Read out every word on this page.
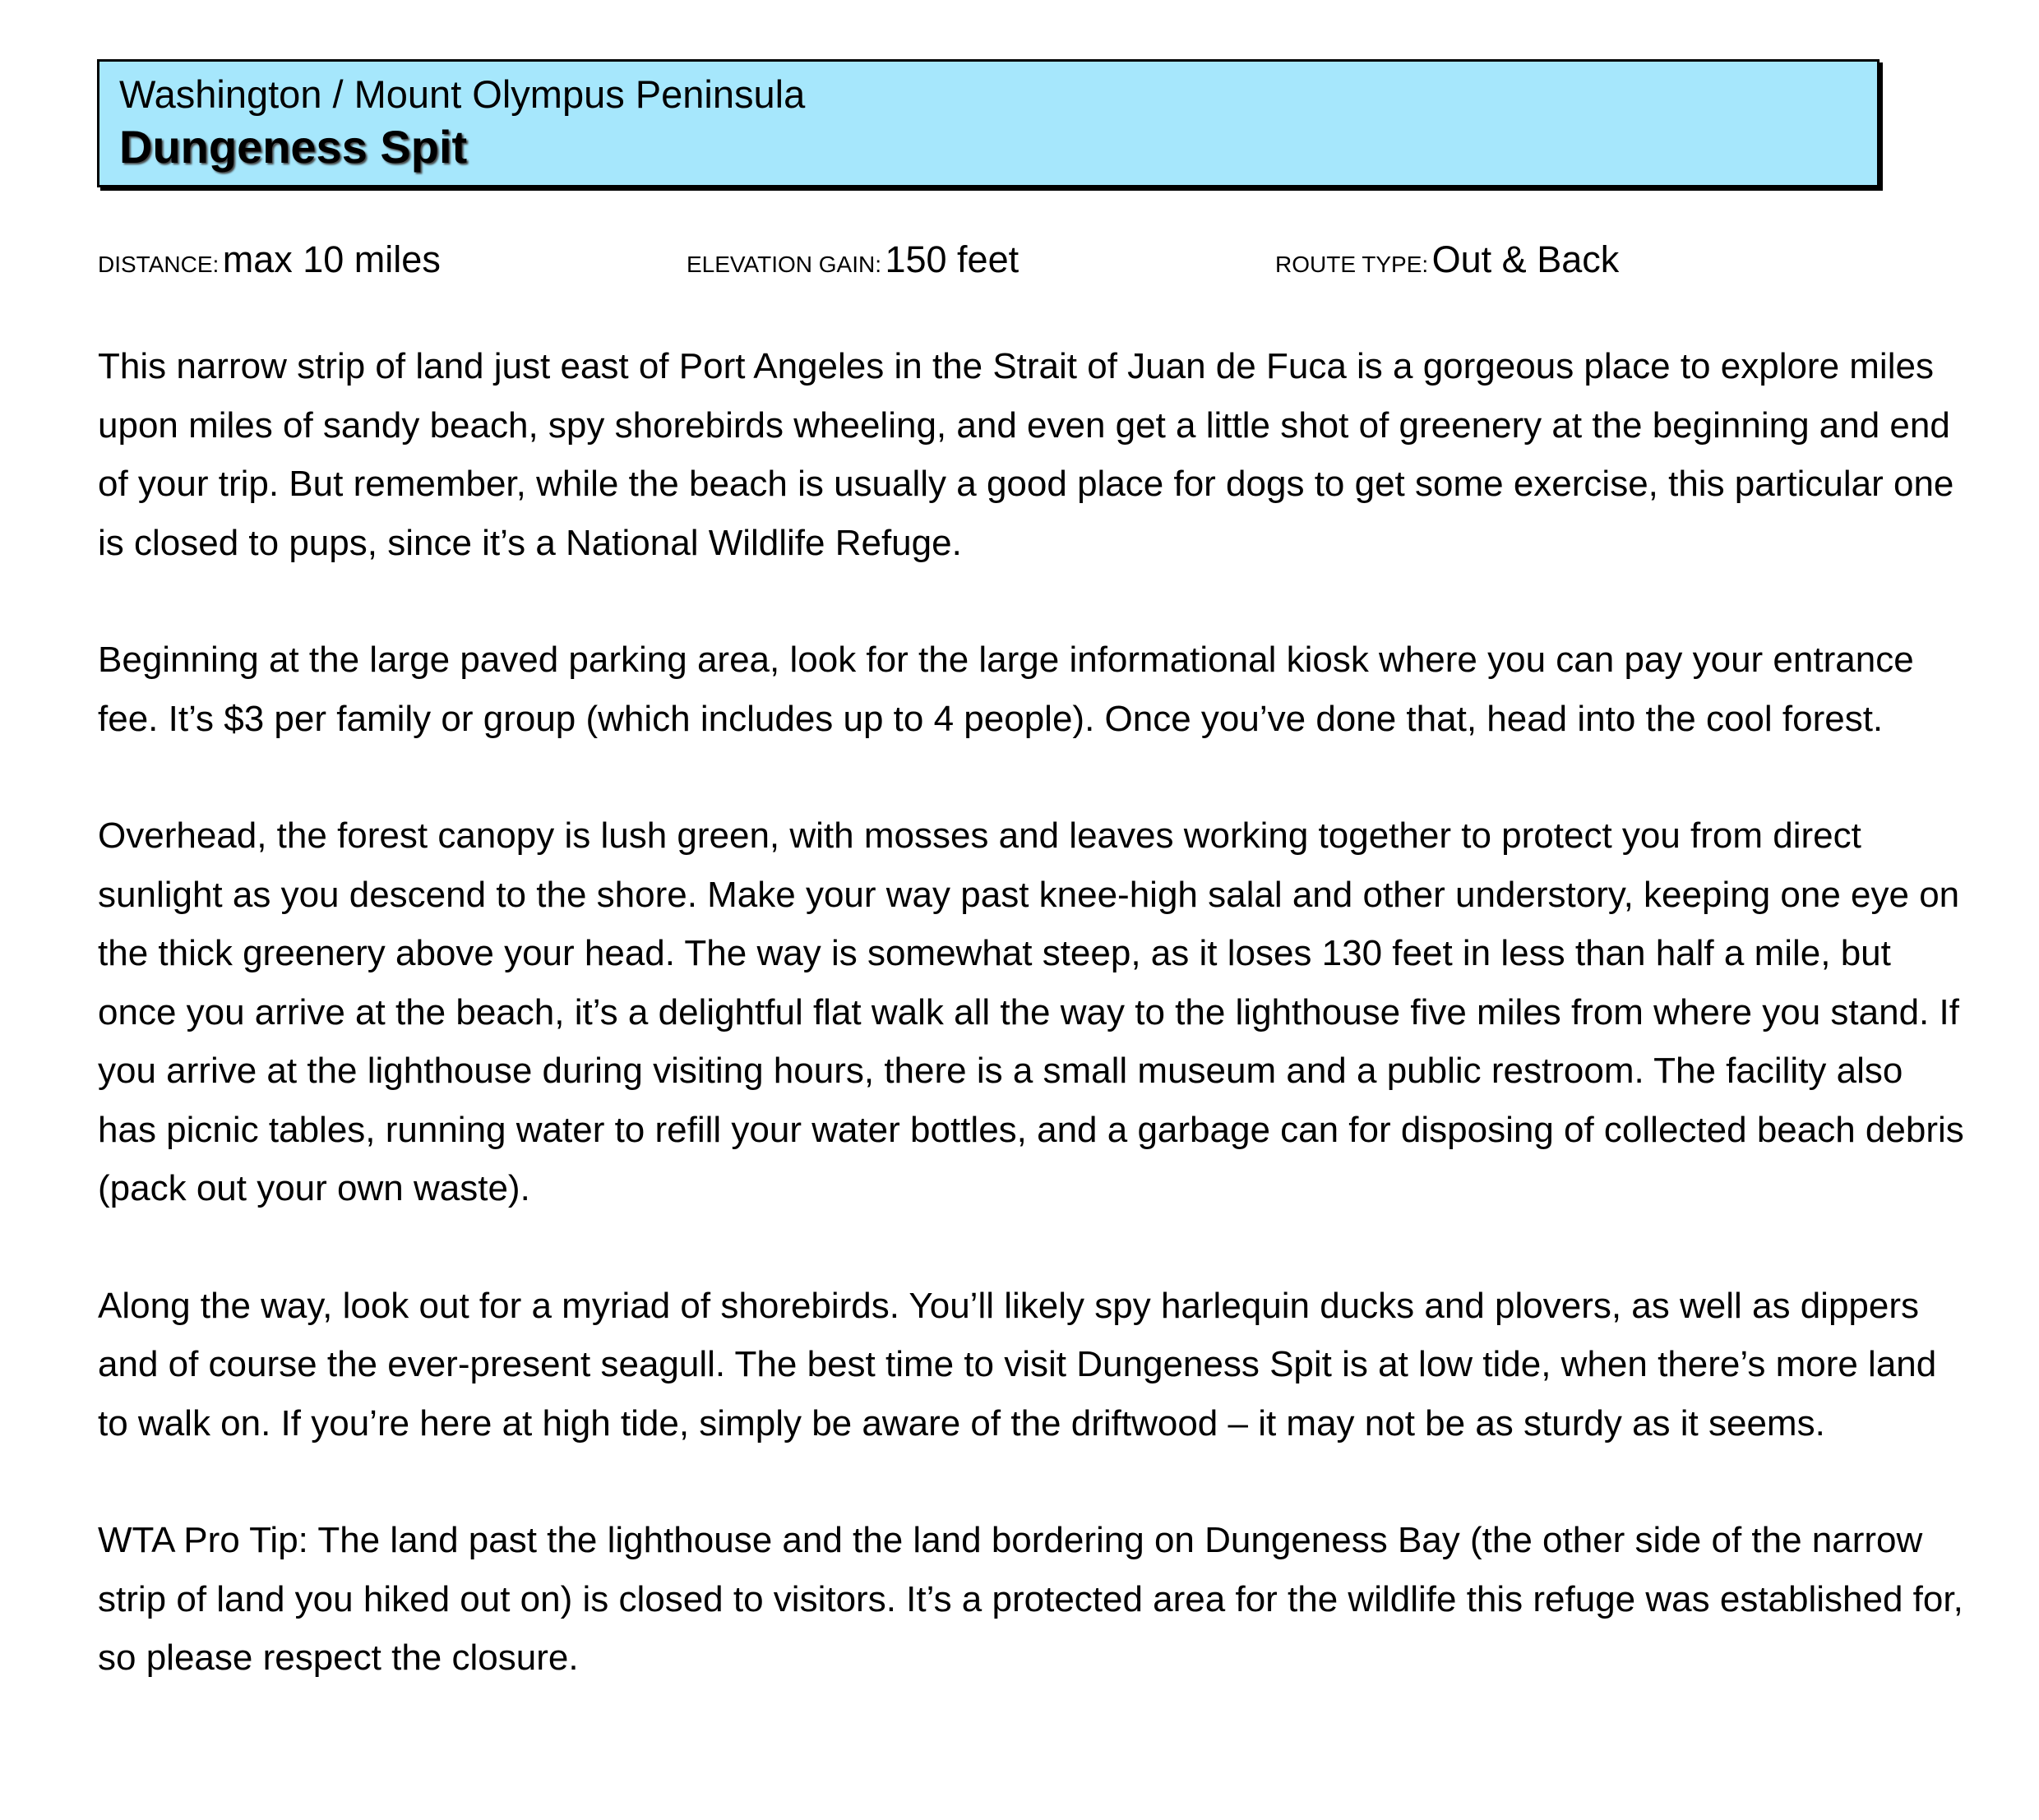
Washington / Mount Olympus Peninsula
Dungeness Spit
DISTANCE: max 10 miles	ELEVATION GAIN: 150 feet	ROUTE TYPE: Out & Back

This narrow strip of land just east of Port Angeles in the Strait of Juan de Fuca is a gorgeous place to explore miles upon miles of sandy beach, spy shorebirds wheeling, and even get a little shot of greenery at the beginning and end of your trip. But remember, while the beach is usually a good place for dogs to get some exercise, this particular one is closed to pups, since it’s a National Wildlife Refuge.

Beginning at the large paved parking area, look for the large informational kiosk where you can pay your entrance fee. It’s $3 per family or group (which includes up to 4 people). Once you’ve done that, head into the cool forest.

Overhead, the forest canopy is lush green, with mosses and leaves working together to protect you from direct sunlight as you descend to the shore. Make your way past knee-high salal and other understory, keeping one eye on the thick greenery above your head. The way is somewhat steep, as it loses 130 feet in less than half a mile, but once you arrive at the beach, it’s a delightful flat walk all the way to the lighthouse five miles from where you stand. If you arrive at the lighthouse during visiting hours, there is a small museum and a public restroom. The facility also has picnic tables, running water to refill your water bottles, and a garbage can for disposing of collected beach debris (pack out your own waste).

Along the way, look out for a myriad of shorebirds. You’ll likely spy harlequin ducks and plovers, as well as dippers and of course the ever-present seagull. The best time to visit Dungeness Spit is at low tide, when there’s more land to walk on. If you’re here at high tide, simply be aware of the driftwood – it may not be as sturdy as it seems.

WTA Pro Tip: The land past the lighthouse and the land bordering on Dungeness Bay (the other side of the narrow strip of land you hiked out on) is closed to visitors. It’s a protected area for the wildlife this refuge was established for, so please respect the closure.
